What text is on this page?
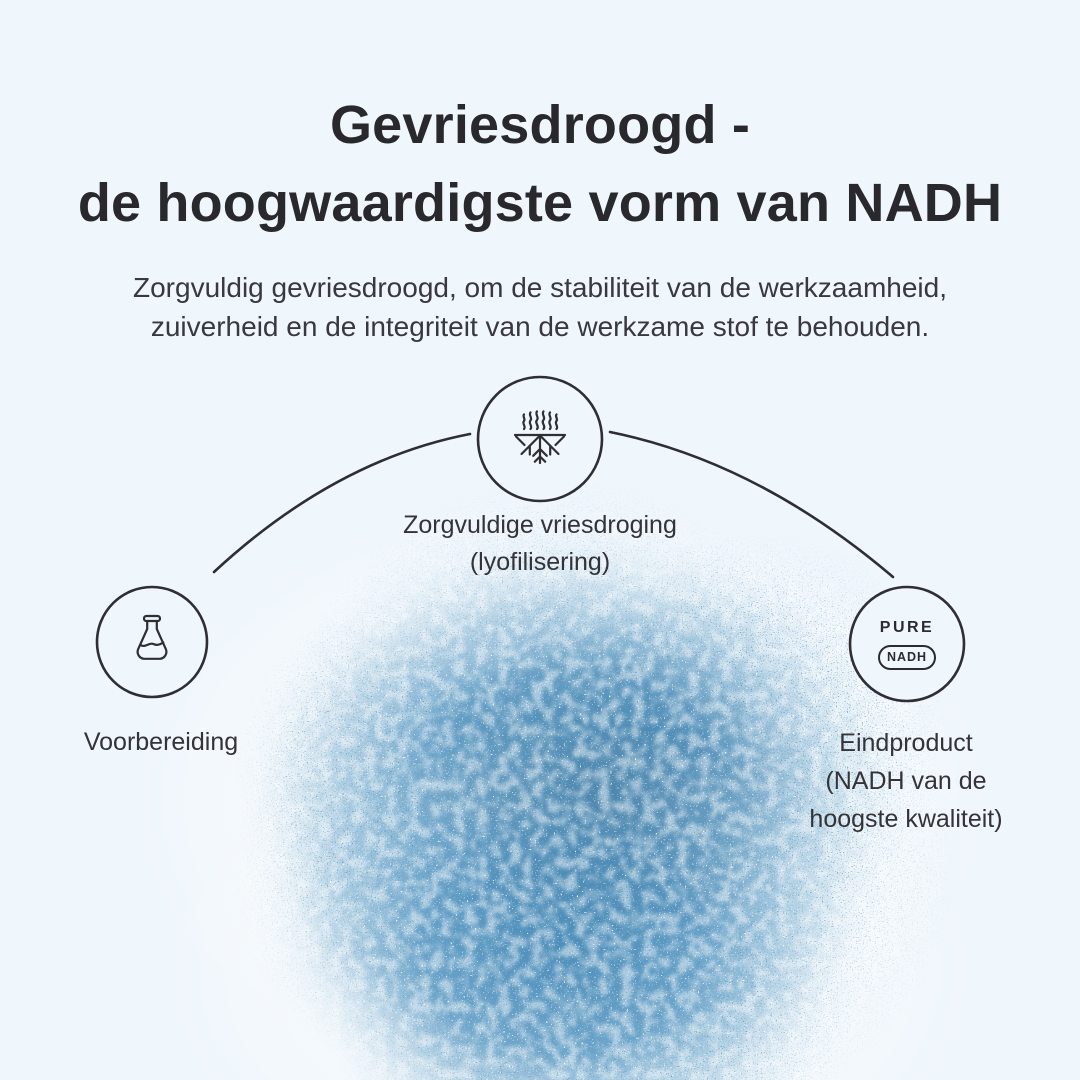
Gevriesdroogd -
de hoogwaardigste vorm van NADH
Zorgvuldig gevriesdroogd, om de stabiliteit van de werkzaamheid,
zuiverheid en de integriteit van de werkzame stof te behouden.
Zorgvuldige vriesdroging
(lyofilisering)
Voorbereiding	Eindproduct
(NADH van de
hoogste kwaliteit)
PURE
NADH
